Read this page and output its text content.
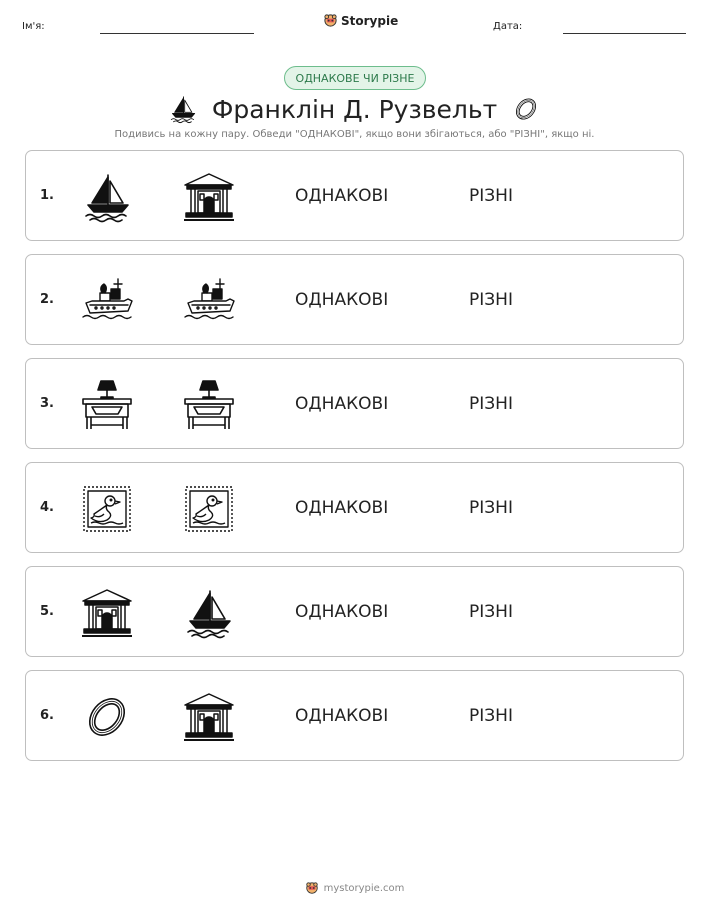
Ім'я:	Storypie	Дата:
ОДНАКОВЕ ЧИ РІЗНЕ
Франклін Д. Рузвельт
Подивись на кожну пару. Обведи "ОДНАКОВІ", якщо вони збігаються, або "РІЗНІ", якщо ні.
1.	ОДНАКОВІ	РІЗНІ
2.	ОДНАКОВІ	РІЗНІ
3.	ОДНАКОВІ	РІЗНІ
4.	ОДНАКОВІ	РІЗНІ
5.	ОДНАКОВІ	РІЗНІ
6.	ОДНАКОВІ	РІЗНІ
mystorypie.com
